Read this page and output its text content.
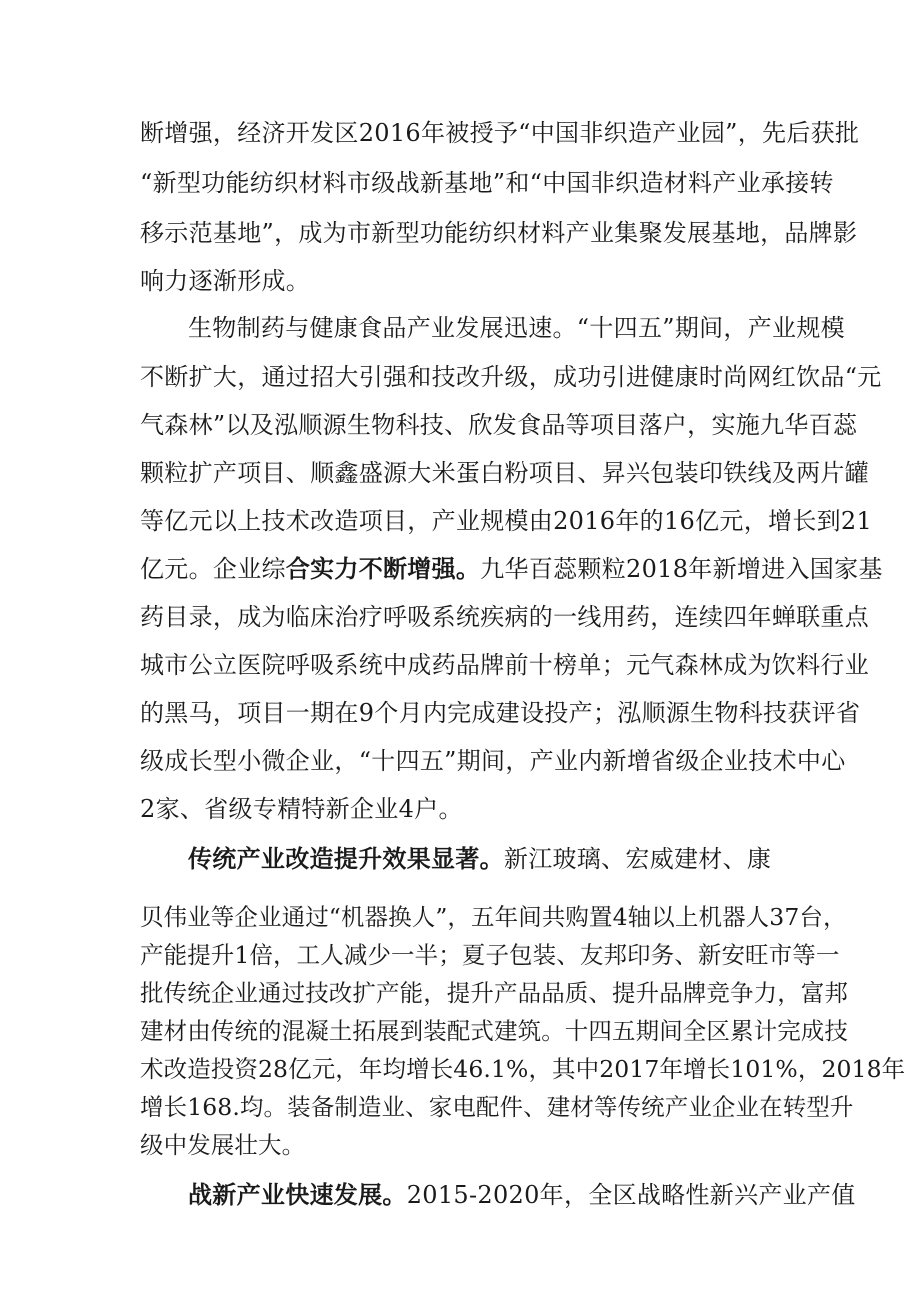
断增强，经济开发区2016年被授予“中国非织造产业园”，先后获批
“新型功能纺织材料市级战新基地”和“中国非织造材料产业承接转
移示范基地”，成为市新型功能纺织材料产业集聚发展基地，品牌影
响力逐渐形成。
生物制药与健康食品产业发展迅速。“十四五”期间，产业规模
不断扩大，通过招大引强和技改升级，成功引进健康时尚网红饮品“元
气森林”以及泓顺源生物科技、欣发食品等项目落户，实施九华百蕊
颗粒扩产项目、顺鑫盛源大米蛋白粉项目、昇兴包装印铁线及两片罐
等亿元以上技术改造项目，产业规模由2016年的16亿元，增长到21
亿元。企业综合实力不断增强。九华百蕊颗粒2018年新增进入国家基
药目录，成为临床治疗呼吸系统疾病的一线用药，连续四年蝉联重点
城市公立医院呼吸系统中成药品牌前十榜单；元气森林成为饮料行业
的黑马，项目一期在9个月内完成建设投产；泓顺源生物科技获评省
级成长型小微企业，“十四五”期间，产业内新增省级企业技术中心
2家、省级专精特新企业4户。
传统产业改造提升效果显著。新江玻璃、宏威建材、康
贝伟业等企业通过“机器换人”，五年间共购置4轴以上机器人37台，
产能提升1倍，工人减少一半；夏子包装、友邦印务、新安旺市等一
批传统企业通过技改扩产能，提升产品品质、提升品牌竞争力，富邦
建材由传统的混凝土拓展到装配式建筑。十四五期间全区累计完成技
术改造投资28亿元，年均增长46.1%，其中2017年增长101%，2018年
增长168.均。装备制造业、家电配件、建材等传统产业企业在转型升
级中发展壮大。
战新产业快速发展。2015-2020年，全区战略性新兴产业产值
